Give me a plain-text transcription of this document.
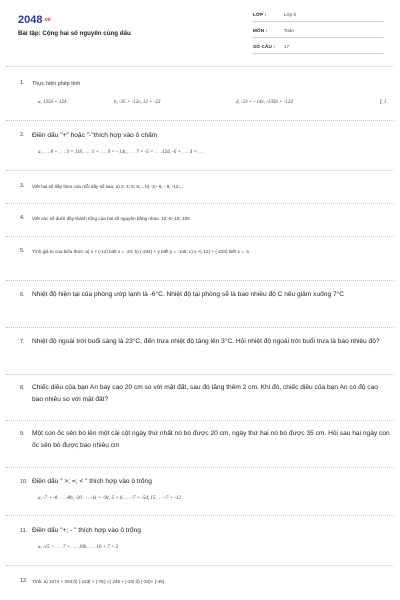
2048.vn
Bài tập: Cộng hai số nguyên cùng dấu
LỚP :	Lớp 6
MÔN :	Toán
SỐ CÂU : 17
1. Thực hiện phép tính
a, 1356 + 124	b, -35 + -12c, 12 + -23	d, -23 + - 14e, -1356 + -124	f, 1
2. Điền dấu "+" hoặc "-"thích hợp vào ô chấm
a, . . . 8 + . . . 3 = 11b, . . . 5 + . . . 9 = - 14c, . . . 7 + -5 = . . . 12d, -6 + . . . 4 = . . .
3. Viết hai số tiếp theo của mỗi dãy số sau: a) 2; 4; 6; 8;... b) -3;- 6; - 9; -12;...
4. Viết các số dưới đây thành tổng của hai số nguyên bằng nhau: 10;-8;-16; 100
5. Tính giá trị của biểu thức: a) x + (-12) biết x = -24; b) (-234) + y biết y = -145; c) x +(-12) + (-234) biết x = -1
6. Nhiệt độ hiện tại của phòng ướp lạnh là -6°C. Nhiệt độ tại phòng sẽ là bao nhiêu độ C nếu giảm xuống 7°C
7. Nhiệt độ ngoài trời buổi sáng là 23°C, đến trưa nhiệt độ tăng lên 3°C. Hỏi nhiệt độ ngoài trời buổi trưa là bao nhiêu độ?
8. Chiếc diều của bạn An bay cao 20 cm so với mặt đất, sau đó tăng thêm 2 cm. Khi đó, chiếc diều của bạn An có độ cao bao nhiêu so với mặt đất?
9. Một con ốc sên bò lên một cái cột ngày thứ nhất nó bò được 20 cm, ngày thứ hai nó bò được 35 cm. Hỏi sau hai ngày con ốc sên bò được bao nhiêu cm
10. Điền dấu " >; =; < " thích hợp vào ô trống
a, -7 + -8 . . . -8b, -20 . . . -11 + -9c, 5 + 6 . . . -7 + -5d, 15 . . . -7 + -12
11. Điền dấu "+; - " thích hợp vào ô trống
a, -15 > . . . 7 + . . . 10b, . . . 10 + 7 > 3
12. Tính: a) 1074 + 253;b) |-123| + |-75|; c) 245 + |-34| d) (-34)+ (-45).
